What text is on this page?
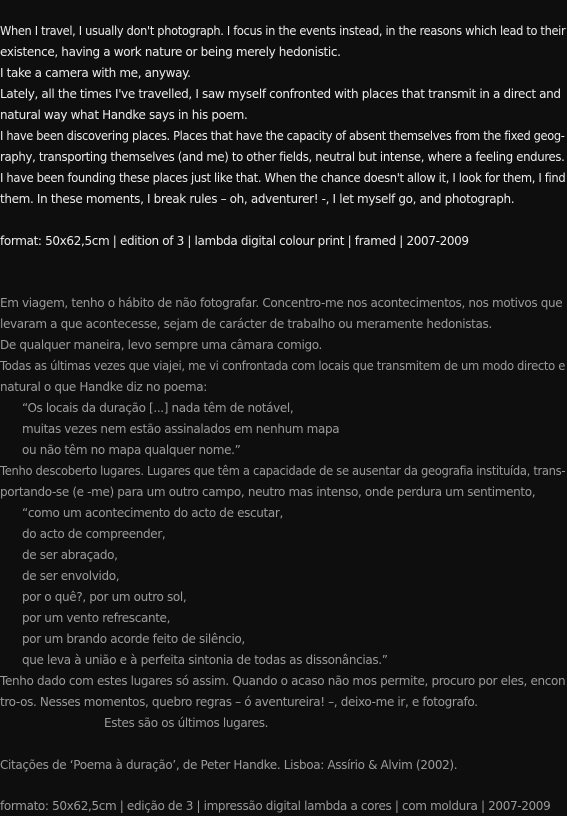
When I travel, I usually don't photograph. I focus in the events instead, in the reasons which lead to their
existence, having a work nature or being merely hedonistic.
I take a camera with me, anyway.
Lately, all the times I've travelled, I saw myself confronted with places that transmit in a direct and
natural way what Handke says in his poem.
I have been discovering places. Places that have the capacity of absent themselves from the fixed geog-
raphy, transporting themselves (and me) to other fields, neutral but intense, where a feeling endures.
I have been founding these places just like that. When the chance doesn't allow it, I look for them, I find
them. In these moments, I break rules – oh, adventurer! -, I let myself go, and photograph.
format: 50x62,5cm | edition of 3 | lambda digital colour print | framed | 2007-2009
Em viagem, tenho o hábito de não fotografar. Concentro-me nos acontecimentos, nos motivos que
levaram a que acontecesse, sejam de carácter de trabalho ou meramente hedonistas.
De qualquer maneira, levo sempre uma câmara comigo.
Todas as últimas vezes que viajei, me vi confrontada com locais que transmitem de um modo directo e
natural o que Handke diz no poema:
“Os locais da duração [...] nada têm de notável,
muitas vezes nem estão assinalados em nenhum mapa
ou não têm no mapa qualquer nome.”
Tenho descoberto lugares. Lugares que têm a capacidade de se ausentar da geografia instituída, trans-
portando-se (e -me) para um outro campo, neutro mas intenso, onde perdura um sentimento,
“como um acontecimento do acto de escutar,
do acto de compreender,
de ser abraçado,
de ser envolvido,
por o quê?, por um outro sol,
por um vento refrescante,
por um brando acorde feito de silêncio,
que leva à união e à perfeita sintonia de todas as dissonâncias.”
Tenho dado com estes lugares só assim. Quando o acaso não mos permite, procuro por eles, encon
tro-os. Nesses momentos, quebro regras – ó aventureira! –, deixo-me ir, e fotografo.
Estes são os últimos lugares.
Citações de ‘Poema à duração’, de Peter Handke. Lisboa: Assírio & Alvim (2002).
formato: 50x62,5cm | edição de 3 | impressão digital lambda a cores | com moldura | 2007-2009
